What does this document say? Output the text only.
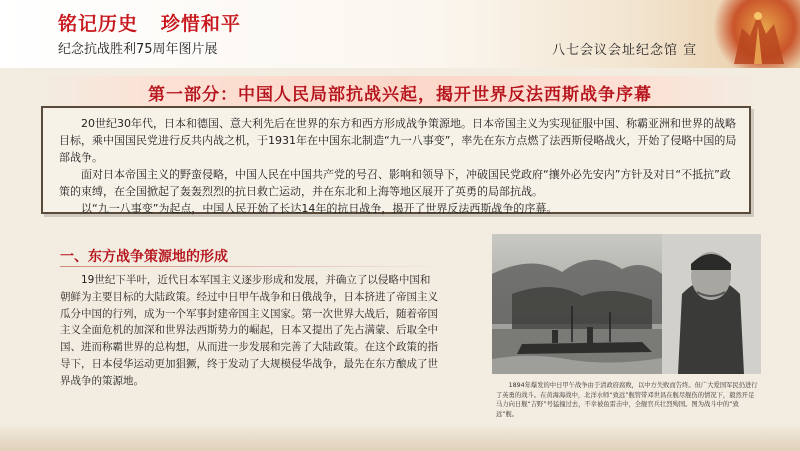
铭记历史   珍惜和平
纪念抗战胜利75周年图片展	八七会议会址纪念馆 宣
第一部分：中国人民局部抗战兴起，揭开世界反法西斯战争序幕

20世纪30年代，日本和德国、意大利先后在世界的东方和西方形成战争策源地。日本帝国主义为实现征服中国、称霸亚洲和世界的战略目标，乘中国国民党进行反共内战之机，于1931年在中国东北制造“九一八事变”，率先在东方点燃了法西斯侵略战火，开始了侵略中国的局部战争。

面对日本帝国主义的野蛮侵略，中国人民在中国共产党的号召、影响和领导下，冲破国民党政府“攘外必先安内”方针及对日“不抵抗”政策的束缚，在全国掀起了轰轰烈烈的抗日救亡运动，并在东北和上海等地区展开了英勇的局部抗战。

以“九一八事变”为起点，中国人民开始了长达14年的抗日战争，揭开了世界反法西斯战争的序幕。

一、东方战争策源地的形成

19世纪下半叶，近代日本军国主义逐步形成和发展，并确立了以侵略中国和朝鲜为主要目标的大陆政策。经过中日甲午战争和日俄战争，日本挤进了帝国主义瓜分中国的行列，成为一个军事封建帝国主义国家。第一次世界大战后，随着帝国主义全面危机的加深和世界法西斯势力的崛起，日本又提出了先占满蒙、后取全中国、进而称霸世界的总构想，从而进一步发展和完善了大陆政策。在这个政策的指导下，日本侵华运动更加猖獗，终于发动了大规模侵华战争，最先在东方酿成了世界战争的策源地。	1894年爆发的中日甲午战争由于清政府腐败，以中方失败而告终。但广大爱国军民仍进行了英勇的战斗。在黄海海战中，北洋水师“致远”舰管带邓世昌在舰尽舰伤的情况下，毅然开足马力向日舰“吉野”号猛撞过去，不幸被鱼雷击中，全舰官兵壮烈殉国。图为战斗中的“致远”舰。
